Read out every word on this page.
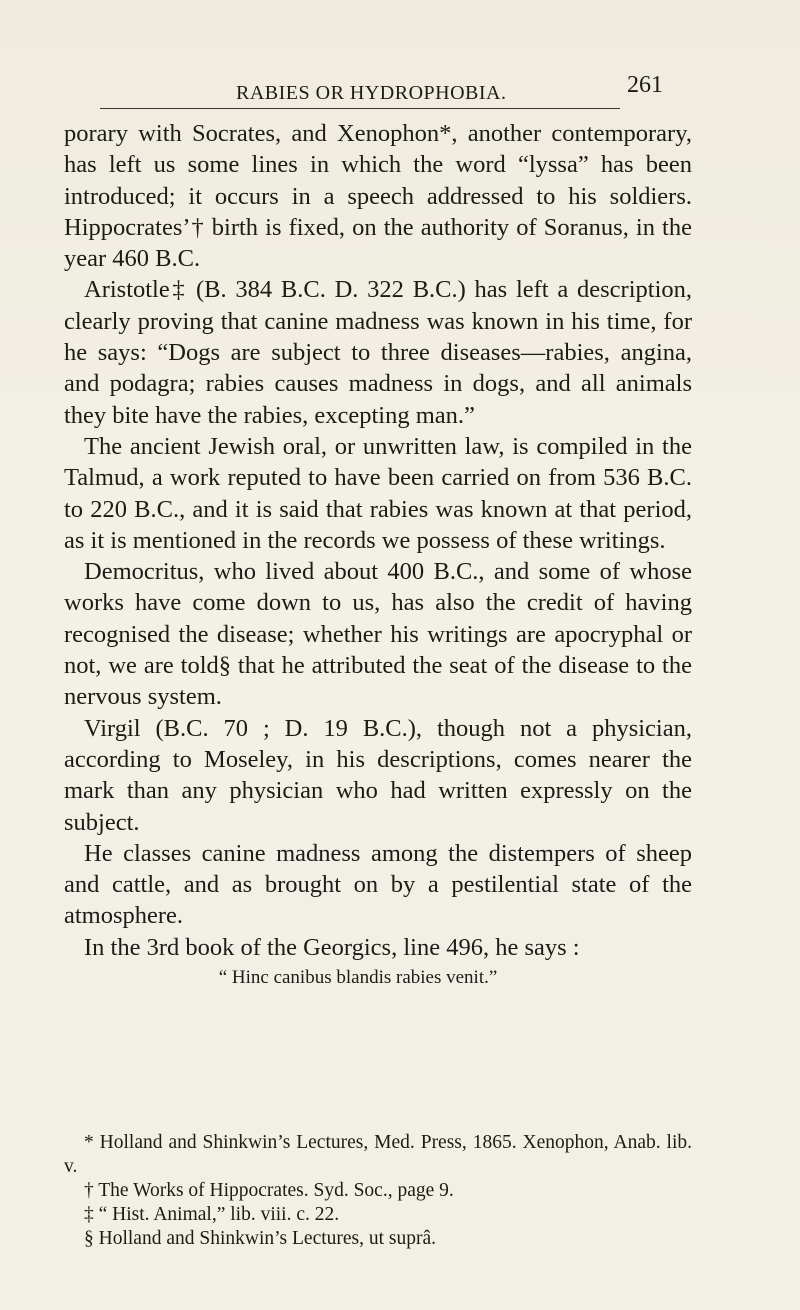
RABIES OR HYDROPHOBIA.	261

porary with Socrates, and Xenophon*, another contemporary, has left us some lines in which the word “lyssa” has been introduced; it occurs in a speech addressed to his soldiers. Hippocrates’† birth is fixed, on the authority of Soranus, in the year 460 B.C.

Aristotle‡ (B. 384 B.C. D. 322 B.C.) has left a description, clearly proving that canine madness was known in his time, for he says: “Dogs are subject to three diseases—rabies, angina, and podagra; rabies causes madness in dogs, and all animals they bite have the rabies, excepting man.”

The ancient Jewish oral, or unwritten law, is compiled in the Talmud, a work reputed to have been carried on from 536 B.C. to 220 B.C., and it is said that rabies was known at that period, as it is mentioned in the records we possess of these writings.

Democritus, who lived about 400 B.C., and some of whose works have come down to us, has also the credit of having recognised the disease; whether his writings are apocryphal or not, we are told§ that he attributed the seat of the disease to the nervous system.

Virgil (B.C. 70 ; D. 19 B.C.), though not a physician, according to Moseley, in his descriptions, comes nearer the mark than any physician who had written expressly on the subject.

He classes canine madness among the distempers of sheep and cattle, and as brought on by a pestilential state of the atmosphere.

In the 3rd book of the Georgics, line 496, he says :

“ Hinc canibus blandis rabies venit.”

* Holland and Shinkwin’s Lectures, Med. Press, 1865. Xenophon, Anab. lib. v.

† The Works of Hippocrates. Syd. Soc., page 9.

‡ “ Hist. Animal,” lib. viii. c. 22.

§ Holland and Shinkwin’s Lectures, ut suprâ.
